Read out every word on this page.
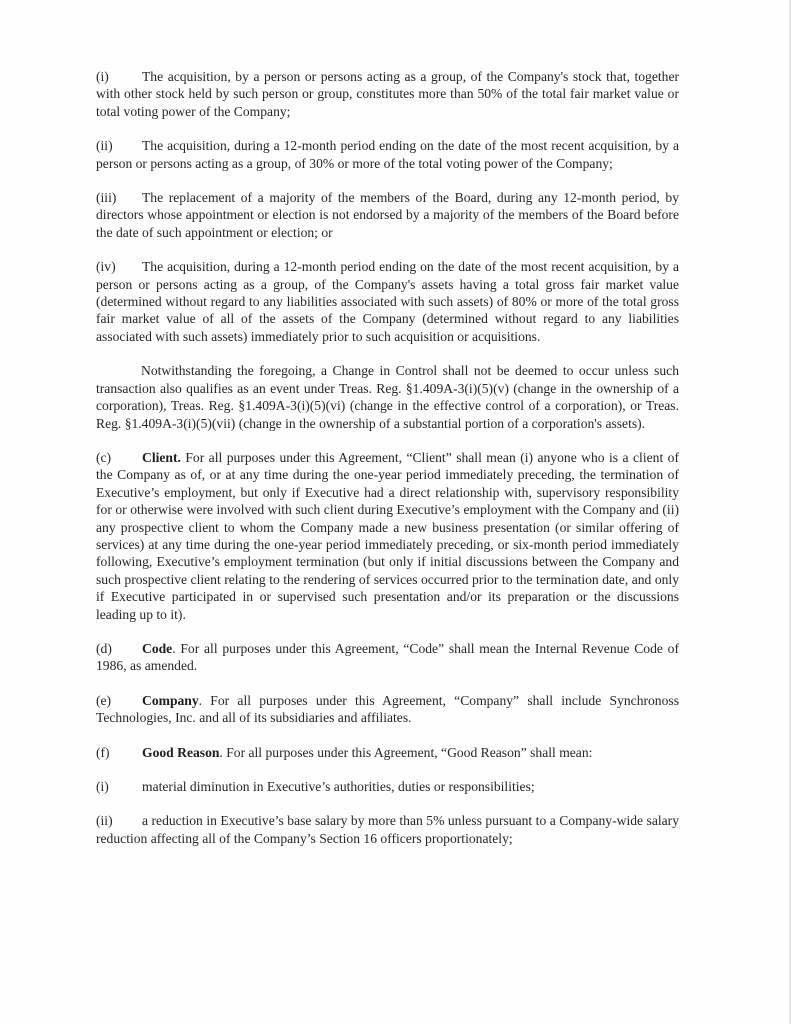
(i) The acquisition, by a person or persons acting as a group, of the Company's stock that, together with other stock held by such person or group, constitutes more than 50% of the total fair market value or total voting power of the Company;

(ii) The acquisition, during a 12-month period ending on the date of the most recent acquisition, by a person or persons acting as a group, of 30% or more of the total voting power of the Company;

(iii) The replacement of a majority of the members of the Board, during any 12-month period, by directors whose appointment or election is not endorsed by a majority of the members of the Board before the date of such appointment or election; or

(iv) The acquisition, during a 12-month period ending on the date of the most recent acquisition, by a person or persons acting as a group, of the Company's assets having a total gross fair market value (determined without regard to any liabilities associated with such assets) of 80% or more of the total gross fair market value of all of the assets of the Company (determined without regard to any liabilities associated with such assets) immediately prior to such acquisition or acquisitions.

Notwithstanding the foregoing, a Change in Control shall not be deemed to occur unless such transaction also qualifies as an event under Treas. Reg. §1.409A-3(i)(5)(v) (change in the ownership of a corporation), Treas. Reg. §1.409A-3(i)(5)(vi) (change in the effective control of a corporation), or Treas. Reg. §1.409A-3(i)(5)(vii) (change in the ownership of a substantial portion of a corporation's assets).

(c) Client. For all purposes under this Agreement, “Client” shall mean (i) anyone who is a client of the Company as of, or at any time during the one-year period immediately preceding, the termination of Executive’s employment, but only if Executive had a direct relationship with, supervisory responsibility for or otherwise were involved with such client during Executive’s employment with the Company and (ii) any prospective client to whom the Company made a new business presentation (or similar offering of services) at any time during the one-year period immediately preceding, or six-month period immediately following, Executive’s employment termination (but only if initial discussions between the Company and such prospective client relating to the rendering of services occurred prior to the termination date, and only if Executive participated in or supervised such presentation and/or its preparation or the discussions leading up to it).

(d) Code. For all purposes under this Agreement, “Code” shall mean the Internal Revenue Code of 1986, as amended.

(e) Company. For all purposes under this Agreement, “Company” shall include Synchronoss Technologies, Inc. and all of its subsidiaries and affiliates.

(f) Good Reason. For all purposes under this Agreement, “Good Reason” shall mean:

(i) material diminution in Executive’s authorities, duties or responsibilities;

(ii) a reduction in Executive’s base salary by more than 5% unless pursuant to a Company-wide salary reduction affecting all of the Company’s Section 16 officers proportionately;
